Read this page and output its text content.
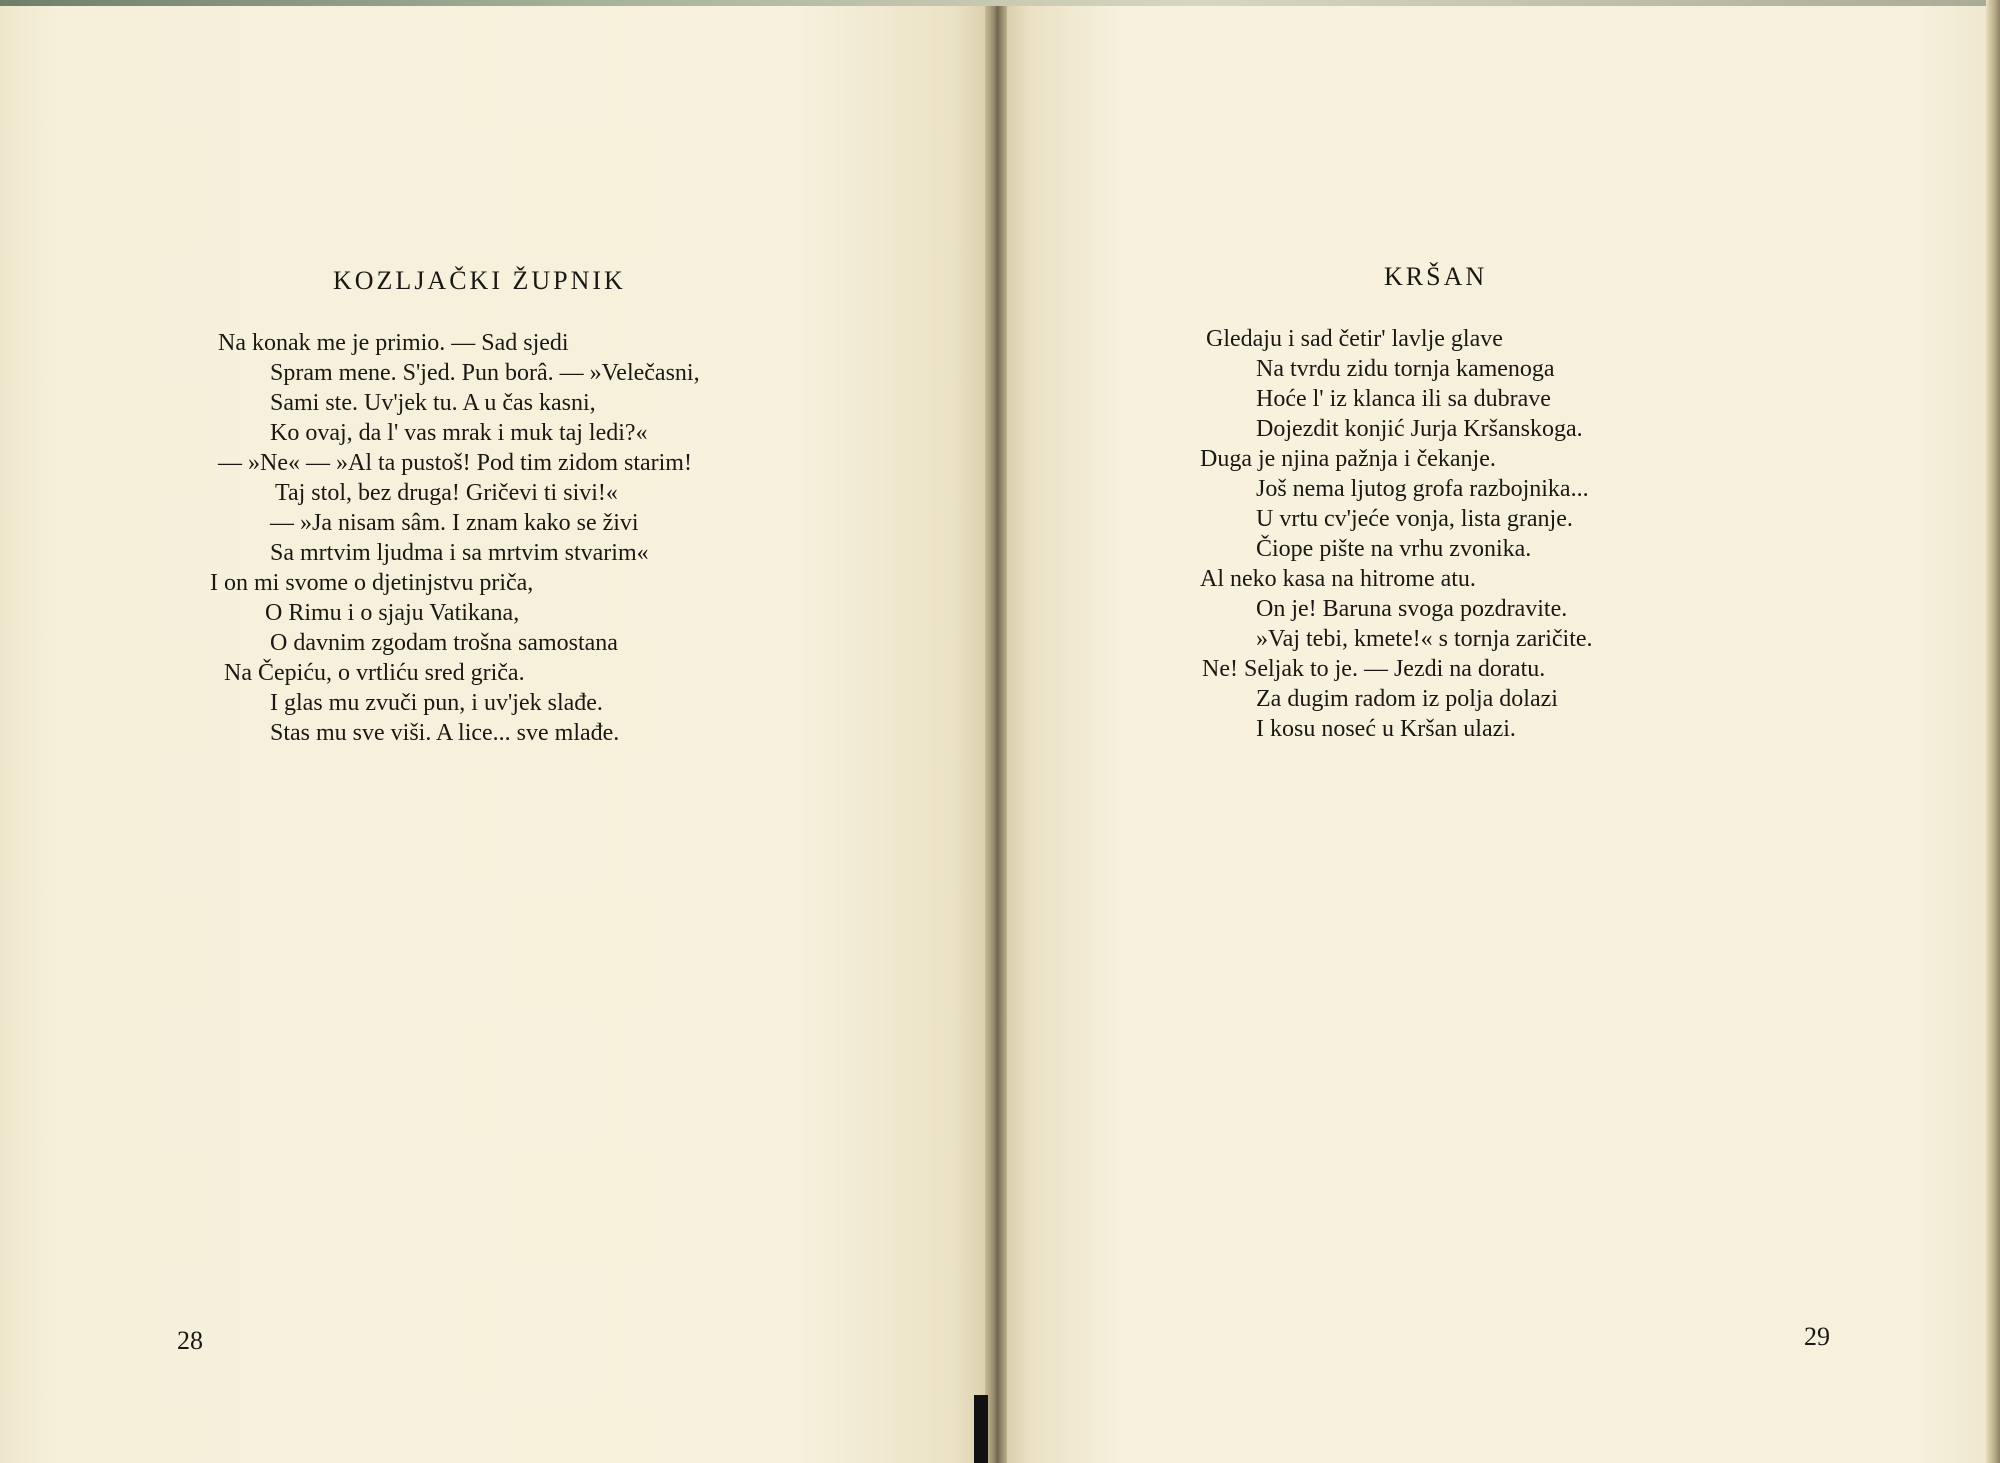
KOZLJAČKI ŽUPNIK
Na konak me je primio. — Sad sjedi
Spram mene. S'jed. Pun borâ. — »Velečasni,
Sami ste. Uv'jek tu. A u čas kasni,
Ko ovaj, da l' vas mrak i muk taj ledi?«
— »Ne« — »Al ta pustoš! Pod tim zidom starim!
Taj stol, bez druga! Gričevi ti sivi!«
— »Ja nisam sâm. I znam kako se živi
Sa mrtvim ljudma i sa mrtvim stvarim«
I on mi svome o djetinjstvu priča,
O Rimu i o sjaju Vatikana,
O davnim zgodam trošna samostana
Na Čepiću, o vrtliću sred griča.
I glas mu zvuči pun, i uv'jek slađe.
Stas mu sve viši. A lice... sve mlađe.
28
KRŠAN
Gledaju i sad četir' lavlje glave
Na tvrdu zidu tornja kamenoga
Hoće l' iz klanca ili sa dubrave
Dojezdit konjić Jurja Kršanskoga.
Duga je njina pažnja i čekanje.
Još nema ljutog grofa razbojnika...
U vrtu cv'jeće vonja, lista granje.
Čiope pište na vrhu zvonika.
Al neko kasa na hitrome atu.
On je! Baruna svoga pozdravite.
»Vaj tebi, kmete!« s tornja zaričite.
Ne! Seljak to je. — Jezdi na doratu.
Za dugim radom iz polja dolazi
I kosu noseć u Kršan ulazi.
29
